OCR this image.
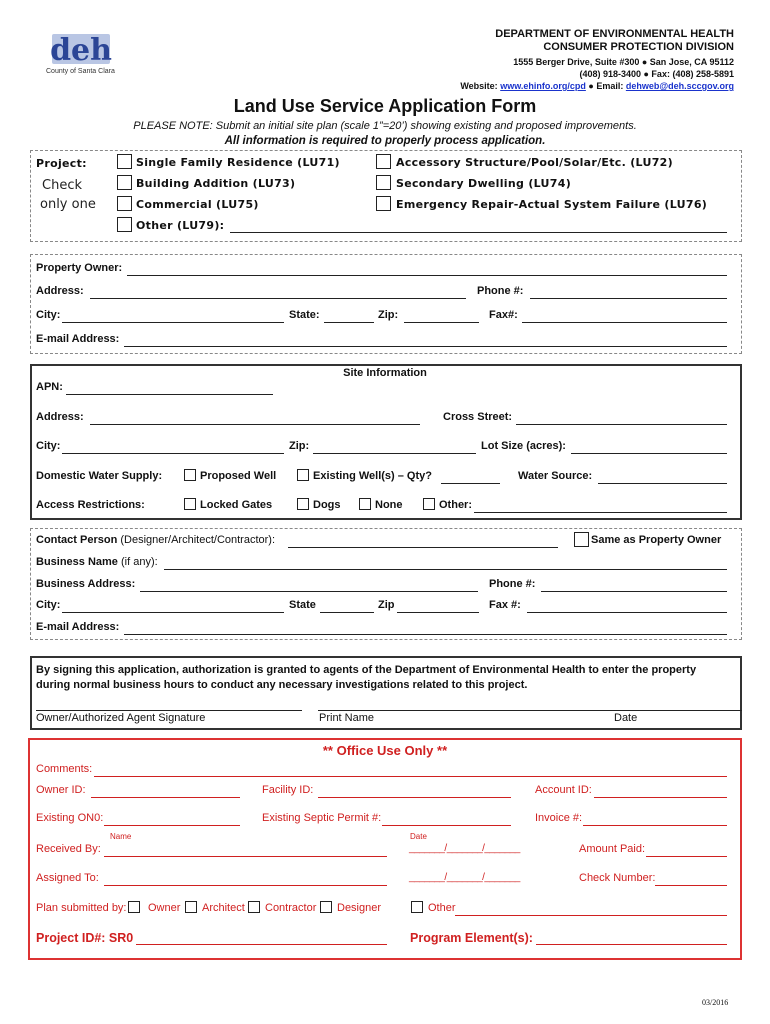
deh
County of Santa Clara
DEPARTMENT OF ENVIRONMENTAL HEALTH
CONSUMER PROTECTION DIVISION
1555 Berger Drive, Suite #300 ● San Jose, CA 95112
(408) 918-3400 ● Fax: (408) 258-5891
Website: www.ehinfo.org/cpd ● Email: dehweb@deh.sccgov.org
Land Use Service Application Form
PLEASE NOTE: Submit an initial site plan (scale 1”=20’) showing existing and proposed improvements.
All information is required to properly process application.
Project:
Check
only one
Single Family Residence (LU71)	Accessory Structure/Pool/Solar/Etc. (LU72)
Building Addition (LU73)	Secondary Dwelling (LU74)
Commercial (LU75)	Emergency Repair-Actual System Failure (LU76)
Other (LU79):
Property Owner:
Address:	Phone #:
City:	State:	Zip:	Fax#:
E-mail Address:
Site Information
APN:
Address:	Cross Street:
City:	Zip:	Lot Size (acres):
Domestic Water Supply:	Proposed Well	Existing Well(s) – Qty?	Water Source:
Access Restrictions:	Locked Gates	Dogs	None	Other:
Contact Person (Designer/Architect/Contractor):	Same as Property Owner
Business Name (if any):
Business Address:	Phone #:
City:	State	Zip	Fax #:
E-mail Address:
By signing this application, authorization is granted to agents of the Department of Environmental Health to enter the property
during normal business hours to conduct any necessary investigations related to this project.
Owner/Authorized Agent Signature	Print Name	Date
** Office Use Only **
Comments:
Owner ID:	Facility ID:	Account ID:
Existing ON0:	Existing Septic Permit #:	Invoice #:
Name	Date
Received By:	_______/_______/_______	Amount Paid:
Assigned To:	_______/_______/_______	Check Number:
Plan submitted by: Owner Architect Contractor Designer	Other
Project ID#: SR0	Program Element(s):
03/2016
